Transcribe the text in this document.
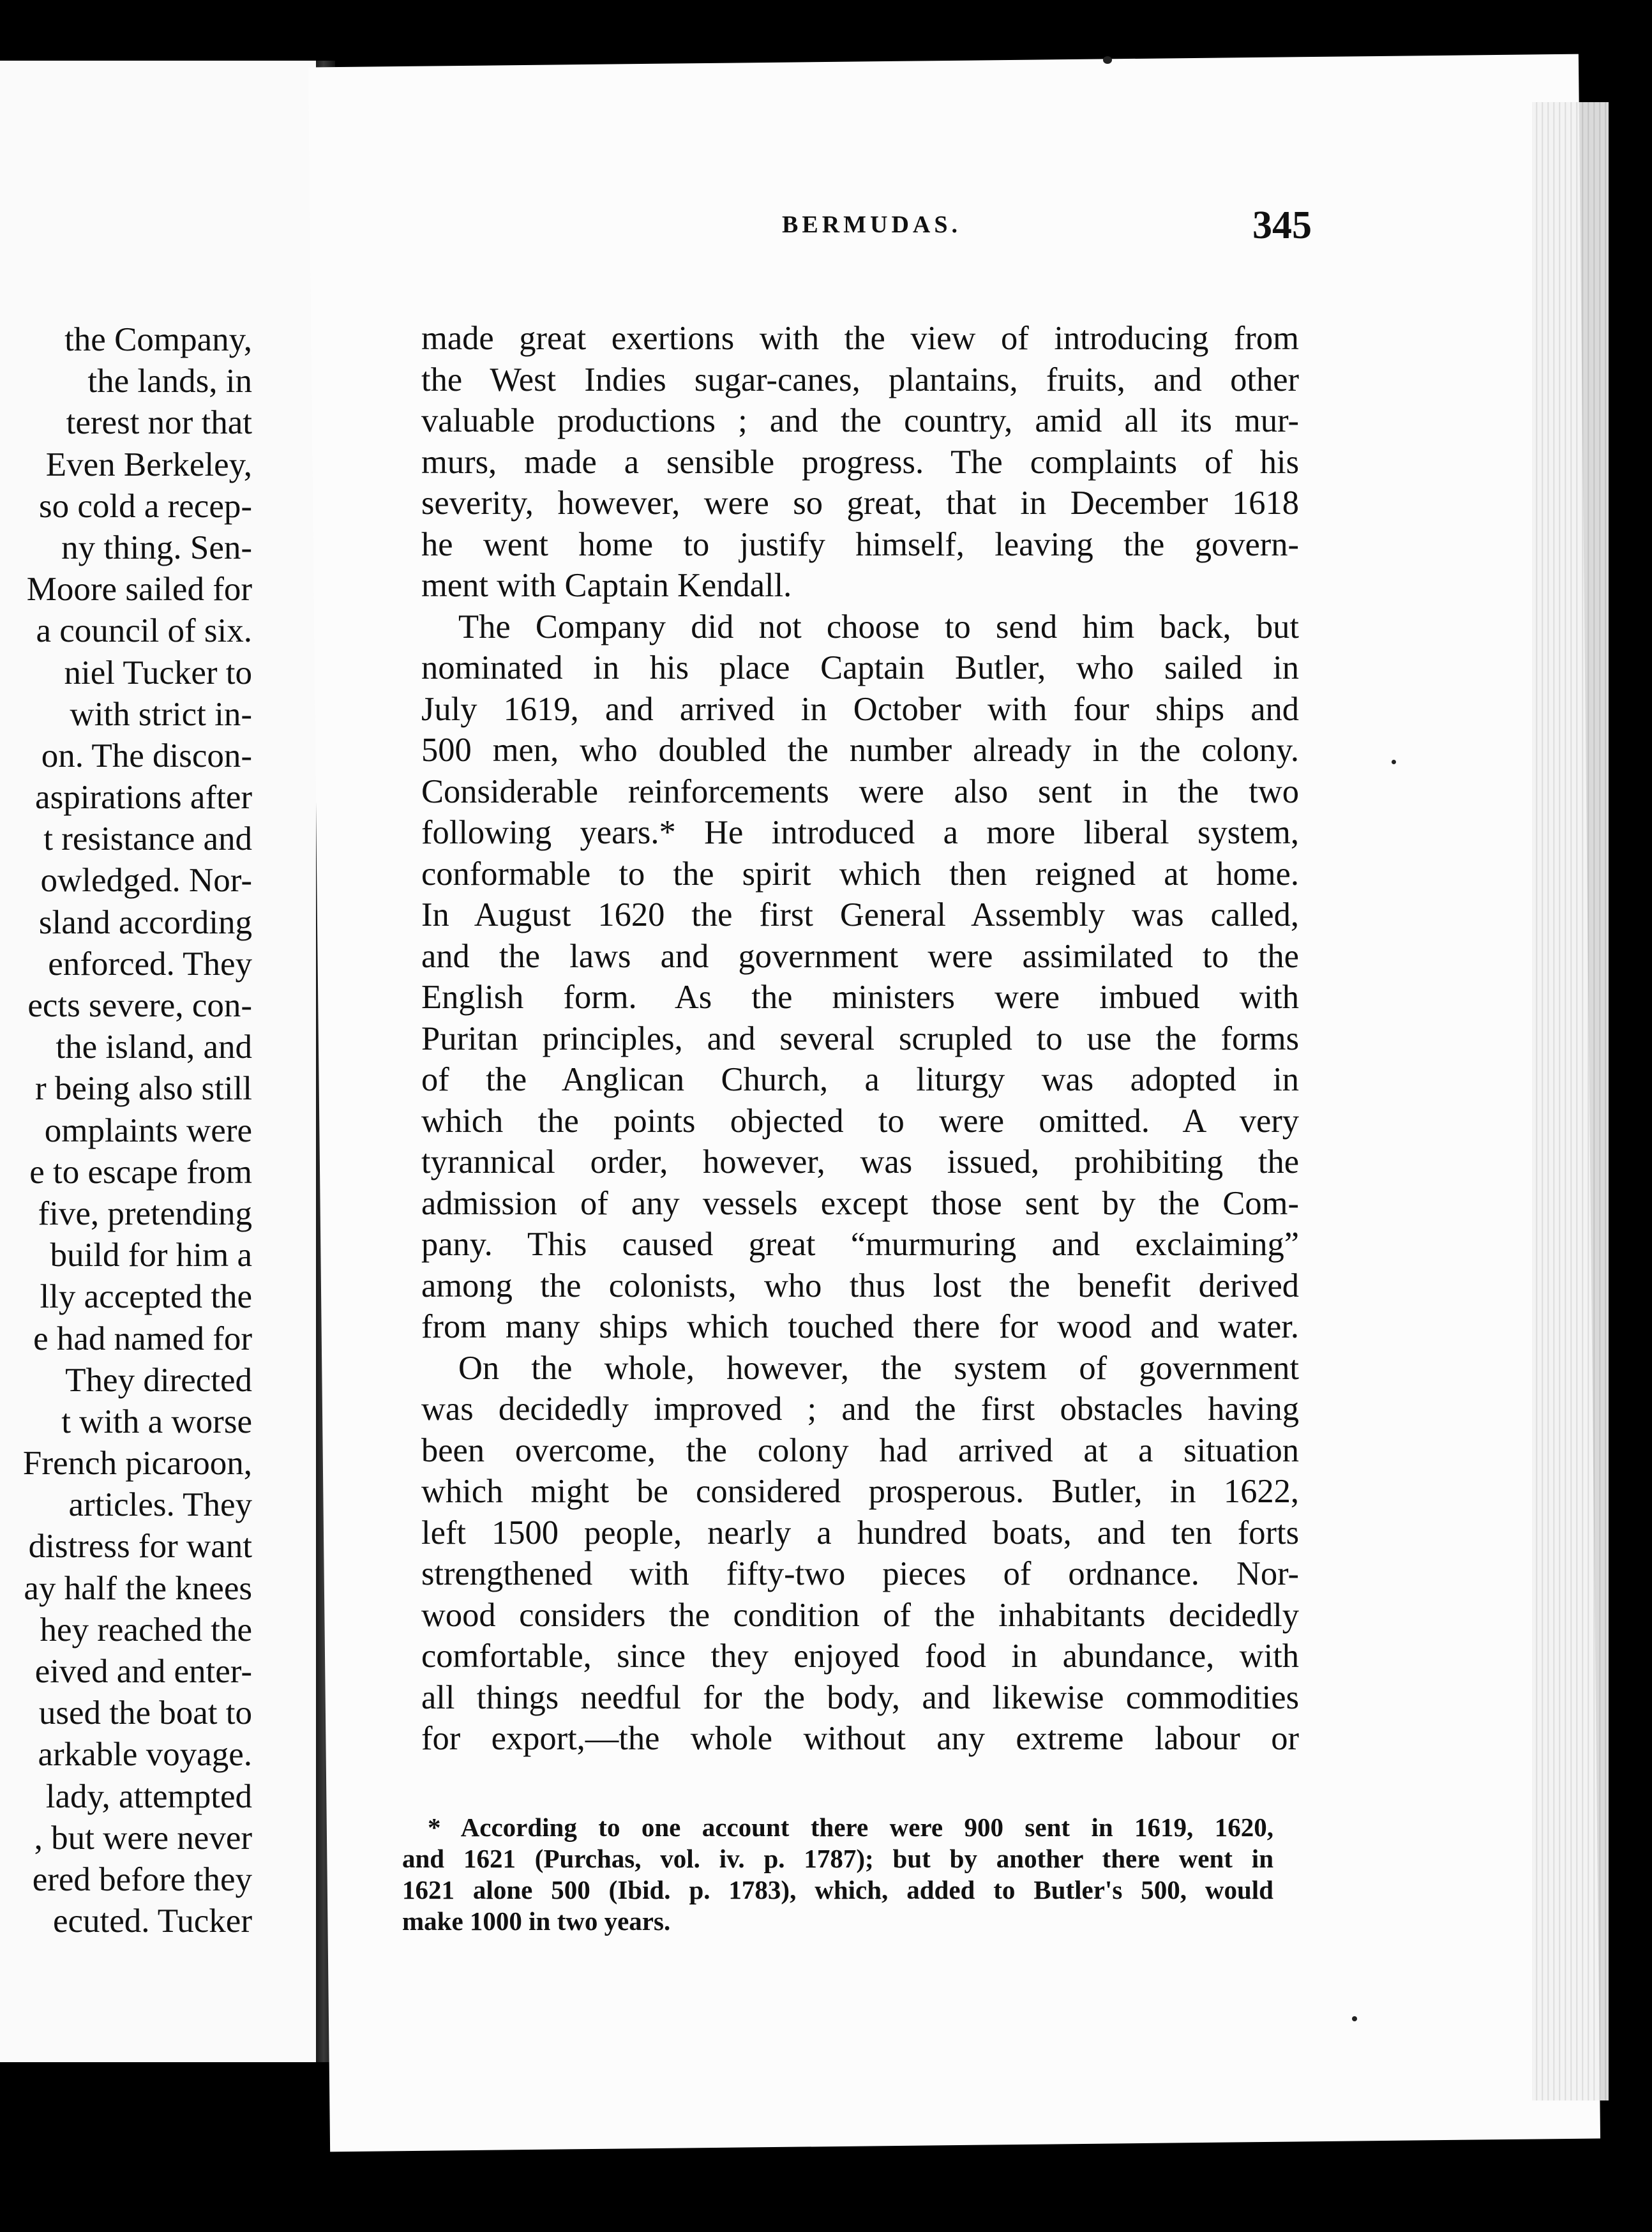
the Company,
the lands, in
terest nor that
Even Berkeley,
so cold a recep-
ny thing. Sen-
Moore sailed for
a council of six.
niel Tucker to
with strict in-
on. The discon-
aspirations after
t resistance and
owledged. Nor-
sland according
enforced. They
ects severe, con-
the island, and
r being also still
omplaints were
e to escape from
five, pretending
build for him a
lly accepted the
e had named for
They directed
t with a worse
French picaroon,
articles. They
distress for want
ay half the knees
hey reached the
eived and enter-
used the boat to
arkable voyage.
lady, attempted
, but were never
ered before they
ecuted. Tucker
BERMUDAS.	345
made great exertions with the view of introducing from
the West Indies sugar-canes, plantains, fruits, and other
valuable productions ; and the country, amid all its mur-
murs, made a sensible progress. The complaints of his
severity, however, were so great, that in December 1618
he went home to justify himself, leaving the govern-
ment with Captain Kendall.
The Company did not choose to send him back, but
nominated in his place Captain Butler, who sailed in
July 1619, and arrived in October with four ships and
500 men, who doubled the number already in the colony.
Considerable reinforcements were also sent in the two
following years.* He introduced a more liberal system,
conformable to the spirit which then reigned at home.
In August 1620 the first General Assembly was called,
and the laws and government were assimilated to the
English form. As the ministers were imbued with
Puritan principles, and several scrupled to use the forms
of the Anglican Church, a liturgy was adopted in
which the points objected to were omitted. A very
tyrannical order, however, was issued, prohibiting the
admission of any vessels except those sent by the Com-
pany. This caused great “murmuring and exclaiming”
among the colonists, who thus lost the benefit derived
from many ships which touched there for wood and water.
On the whole, however, the system of government
was decidedly improved ; and the first obstacles having
been overcome, the colony had arrived at a situation
which might be considered prosperous. Butler, in 1622,
left 1500 people, nearly a hundred boats, and ten forts
strengthened with fifty-two pieces of ordnance. Nor-
wood considers the condition of the inhabitants decidedly
comfortable, since they enjoyed food in abundance, with
all things needful for the body, and likewise commodities
for export,—the whole without any extreme labour or
* According to one account there were 900 sent in 1619, 1620,
and 1621 (Purchas, vol. iv. p. 1787); but by another there went in
1621 alone 500 (Ibid. p. 1783), which, added to Butler's 500, would
make 1000 in two years.
